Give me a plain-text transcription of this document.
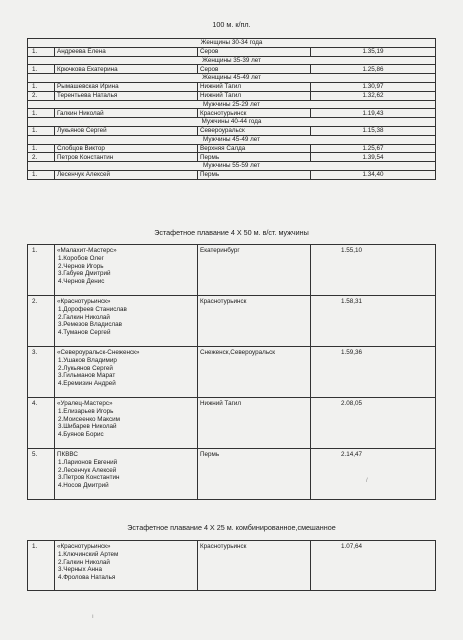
100 м. к/пл.
Женщины 30-34 года			
1.	Андреева Елена	Серов	1.35,19
Женщины 35-39 лет			
1.	Крючкова Екатерина	Серов	1.25,86
Женщины 45-49 лет			
1.	Рымашевская Ирина	Нижний Тагил	1.30,97
2.	Терентьева Наталья	Нижний Тагил	1.32,62
Мужчины 25-29 лет			
1.	Галкин Николай	Краснотурьинск	1.19,43
Мужчины 40-44 года			
1.	Лукьянов Сергей	Североуральск	1.15,38
Мужчины 45-49 лет			
1.	Слобцов Виктор	Верхняя Салда	1.25,67
2.	Петров Константин	Пермь	1.39,54
Мужчины 55-59 лет			
1.	Лесенчук Алексей	Пермь	1.34,40
Эстафетное плавание 4 X 50 м. в/ст. мужчины
1.	«Малахит-Мастерс»
1.Коробов Олег
2.Чернов Игорь
3.Габуев Дмитрий
4.Чернов Денис	Екатеринбург	1.55,10
2.	«Краснотурьинск»
1.Дорофеев Станислав
2.Галкин Николай
3.Ремезов Владислав
4.Туманов Сергей	Краснотурьинск	1.58,31
3.	«Североуральск-Снеженск»
1.Ушаков Владимир
2.Лукьянов Сергей
3.Гильманов Марат
4.Еремизин Андрей	Снеженск,Североуральск	1.59,36
4.	«Уралец-Мастерс»
1.Елизарьев Игорь
2.Моисеенко Максим
3.Шибарев Николай
4.Буянов Борис	Нижний Тагил	2.08,05
5.	ПКВВС
1.Ларионов Евгений
2.Лесенчук Алексей
3.Петров Константин
4.Носов Дмитрий	Пермь	2.14,47
Эстафетное плавание 4 X 25 м. комбинированное,смешанное
1.	«Краснотурьинск»
1.Ключинский Артем
2.Галкин Николай
3.Черных Анна
4.Фролова Наталья
	Краснотурьинск	1.07,64
ı
/
